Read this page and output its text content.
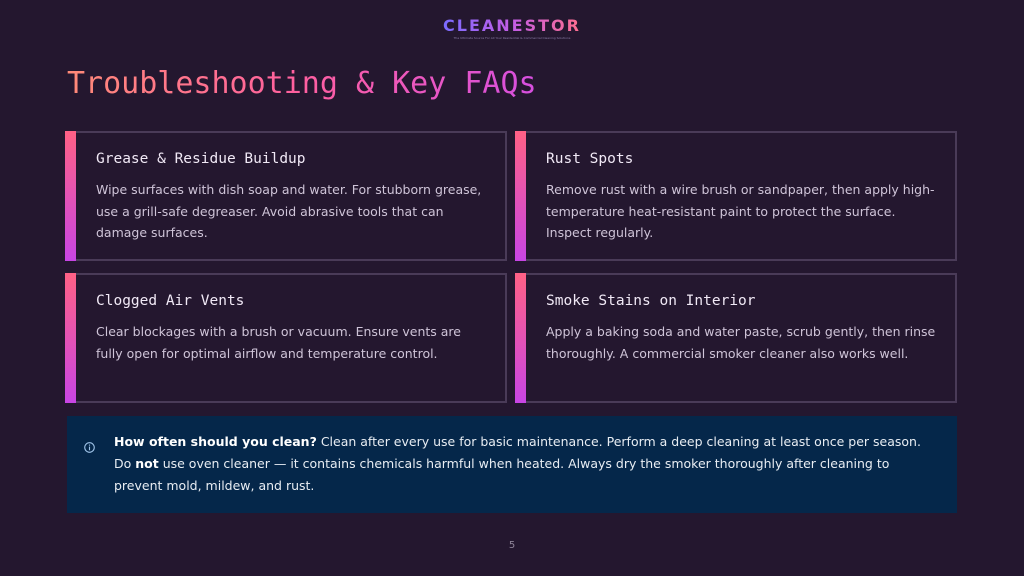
CLEANESTOR
The Ultimate Source For All Your Residential & Commercial Cleaning Solutions
Troubleshooting & Key FAQs
Grease & Residue Buildup

Wipe surfaces with dish soap and water. For stubborn grease, use a grill-safe degreaser. Avoid abrasive tools that can damage surfaces.

Rust Spots

Remove rust with a wire brush or sandpaper, then apply high-temperature heat-resistant paint to protect the surface. Inspect regularly.

Clogged Air Vents

Clear blockages with a brush or vacuum. Ensure vents are fully open for optimal airflow and temperature control.

Smoke Stains on Interior

Apply a baking soda and water paste, scrub gently, then rinse thoroughly. A commercial smoker cleaner also works well.

How often should you clean? Clean after every use for basic maintenance. Perform a deep cleaning at least once per season. Do not use oven cleaner — it contains chemicals harmful when heated. Always dry the smoker thoroughly after cleaning to prevent mold, mildew, and rust.

5
